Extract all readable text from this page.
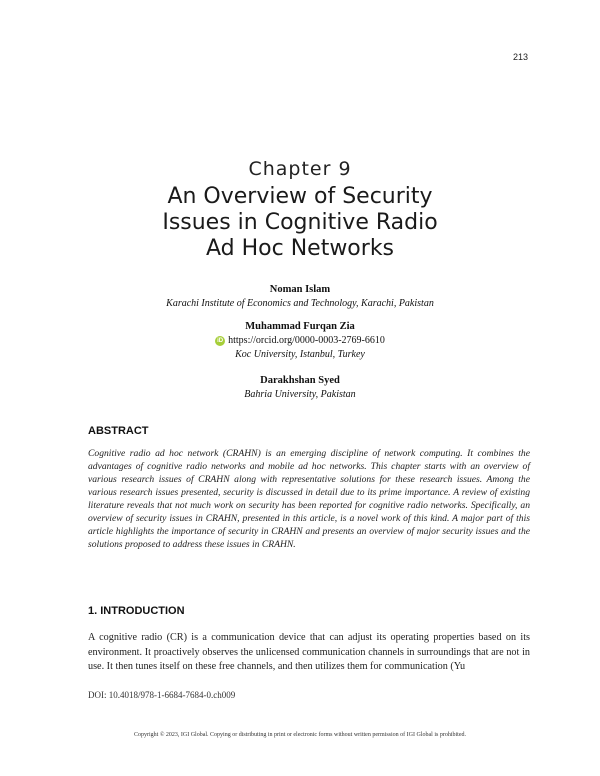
213
Chapter 9
An Overview of Security
Issues in Cognitive Radio
Ad Hoc Networks
Noman Islam
Karachi Institute of Economics and Technology, Karachi, Pakistan
Muhammad Furqan Zia
iD https://orcid.org/0000-0003-2769-6610
Koc University, Istanbul, Turkey
Darakhshan Syed
Bahria University, Pakistan
ABSTRACT
Cognitive radio ad hoc network (CRAHN) is an emerging discipline of network computing. It combines the advantages of cognitive radio networks and mobile ad hoc networks. This chapter starts with an overview of various research issues of CRAHN along with representative solutions for these research issues. Among the various research issues presented, security is discussed in detail due to its prime importance. A review of existing literature reveals that not much work on security has been reported for cognitive radio networks. Specifically, an overview of security issues in CRAHN, presented in this article, is a novel work of this kind. A major part of this article highlights the importance of security in CRAHN and presents an overview of major security issues and the solutions proposed to address these issues in CRAHN.
1. INTRODUCTION
A cognitive radio (CR) is a communication device that can adjust its operating properties based on its environment. It proactively observes the unlicensed communication channels in surroundings that are not in use. It then tunes itself on these free channels, and then utilizes them for communication (Yu
DOI: 10.4018/978-1-6684-7684-0.ch009
Copyright © 2023, IGI Global. Copying or distributing in print or electronic forms without written permission of IGI Global is prohibited.
